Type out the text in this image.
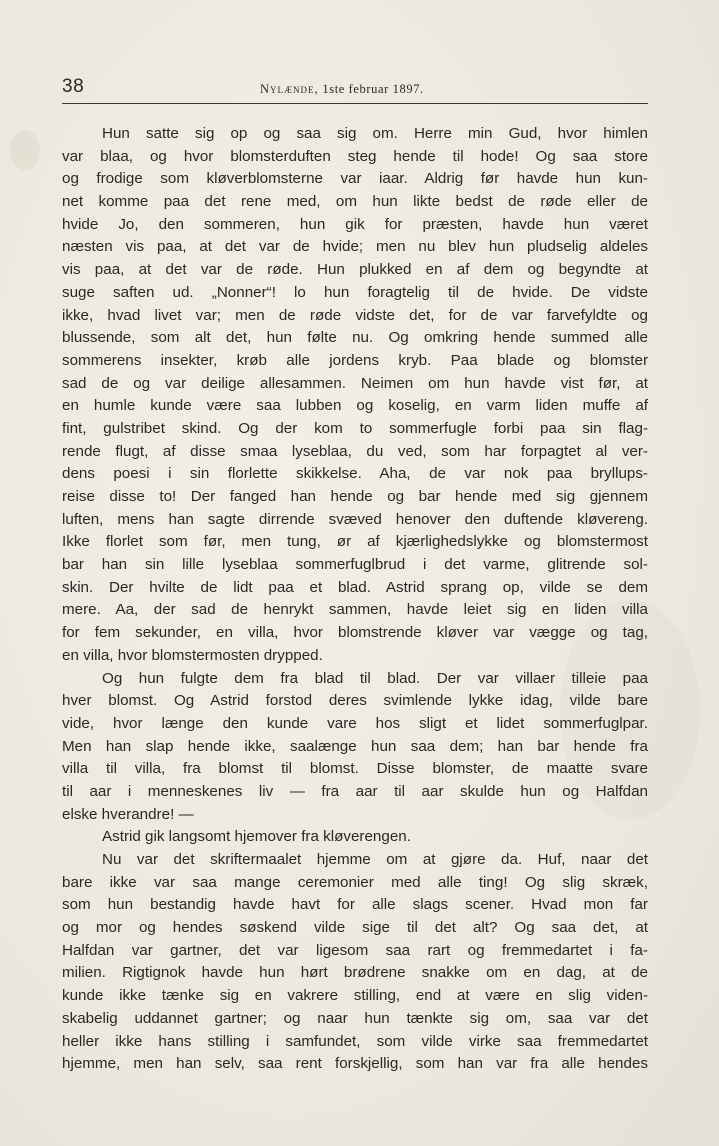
38	Nylænde, 1ste februar 1897.
Hun satte sig op og saa sig om. Herre min Gud, hvor himlen
var blaa, og hvor blomsterduften steg hende til hode! Og saa store
og frodige som kløverblomsterne var iaar. Aldrig før havde hun kun-
net komme paa det rene med, om hun likte bedst de røde eller de
hvide Jo, den sommeren, hun gik for præsten, havde hun været
næsten vis paa, at det var de hvide; men nu blev hun pludselig aldeles
vis paa, at det var de røde. Hun plukked en af dem og begyndte at
suge saften ud. „Nonner“! lo hun foragtelig til de hvide. De vidste
ikke, hvad livet var; men de røde vidste det, for de var farvefyldte og
blussende, som alt det, hun følte nu. Og omkring hende summed alle
sommerens insekter, krøb alle jordens kryb. Paa blade og blomster
sad de og var deilige allesammen. Neimen om hun havde vist før, at
en humle kunde være saa lubben og koselig, en varm liden muffe af
fint, gulstribet skind. Og der kom to sommerfugle forbi paa sin flag-
rende flugt, af disse smaa lyseblaa, du ved, som har forpagtet al ver-
dens poesi i sin florlette skikkelse. Aha, de var nok paa bryllups-
reise disse to! Der fanged han hende og bar hende med sig gjennem
luften, mens han sagte dirrende svæved henover den duftende kløvereng.
Ikke florlet som før, men tung, ør af kjærlighedslykke og blomstermost
bar han sin lille lyseblaa sommerfuglbrud i det varme, glitrende sol-
skin. Der hvilte de lidt paa et blad. Astrid sprang op, vilde se dem
mere. Aa, der sad de henrykt sammen, havde leiet sig en liden villa
for fem sekunder, en villa, hvor blomstrende kløver var vægge og tag,
en villa, hvor blomstermosten drypped.
Og hun fulgte dem fra blad til blad. Der var villaer tilleie paa
hver blomst. Og Astrid forstod deres svimlende lykke idag, vilde bare
vide, hvor længe den kunde vare hos sligt et lidet sommerfuglpar.
Men han slap hende ikke, saalænge hun saa dem; han bar hende fra
villa til villa, fra blomst til blomst. Disse blomster, de maatte svare
til aar i menneskenes liv — fra aar til aar skulde hun og Halfdan
elske hverandre! —
Astrid gik langsomt hjemover fra kløverengen.
Nu var det skriftermaalet hjemme om at gjøre da. Huf, naar det
bare ikke var saa mange ceremonier med alle ting! Og slig skræk,
som hun bestandig havde havt for alle slags scener. Hvad mon far
og mor og hendes søskend vilde sige til det alt? Og saa det, at
Halfdan var gartner, det var ligesom saa rart og fremmedartet i fa-
milien. Rigtignok havde hun hørt brødrene snakke om en dag, at de
kunde ikke tænke sig en vakrere stilling, end at være en slig viden-
skabelig uddannet gartner; og naar hun tænkte sig om, saa var det
heller ikke hans stilling i samfundet, som vilde virke saa fremmedartet
hjemme, men han selv, saa rent forskjellig, som han var fra alle hendes
